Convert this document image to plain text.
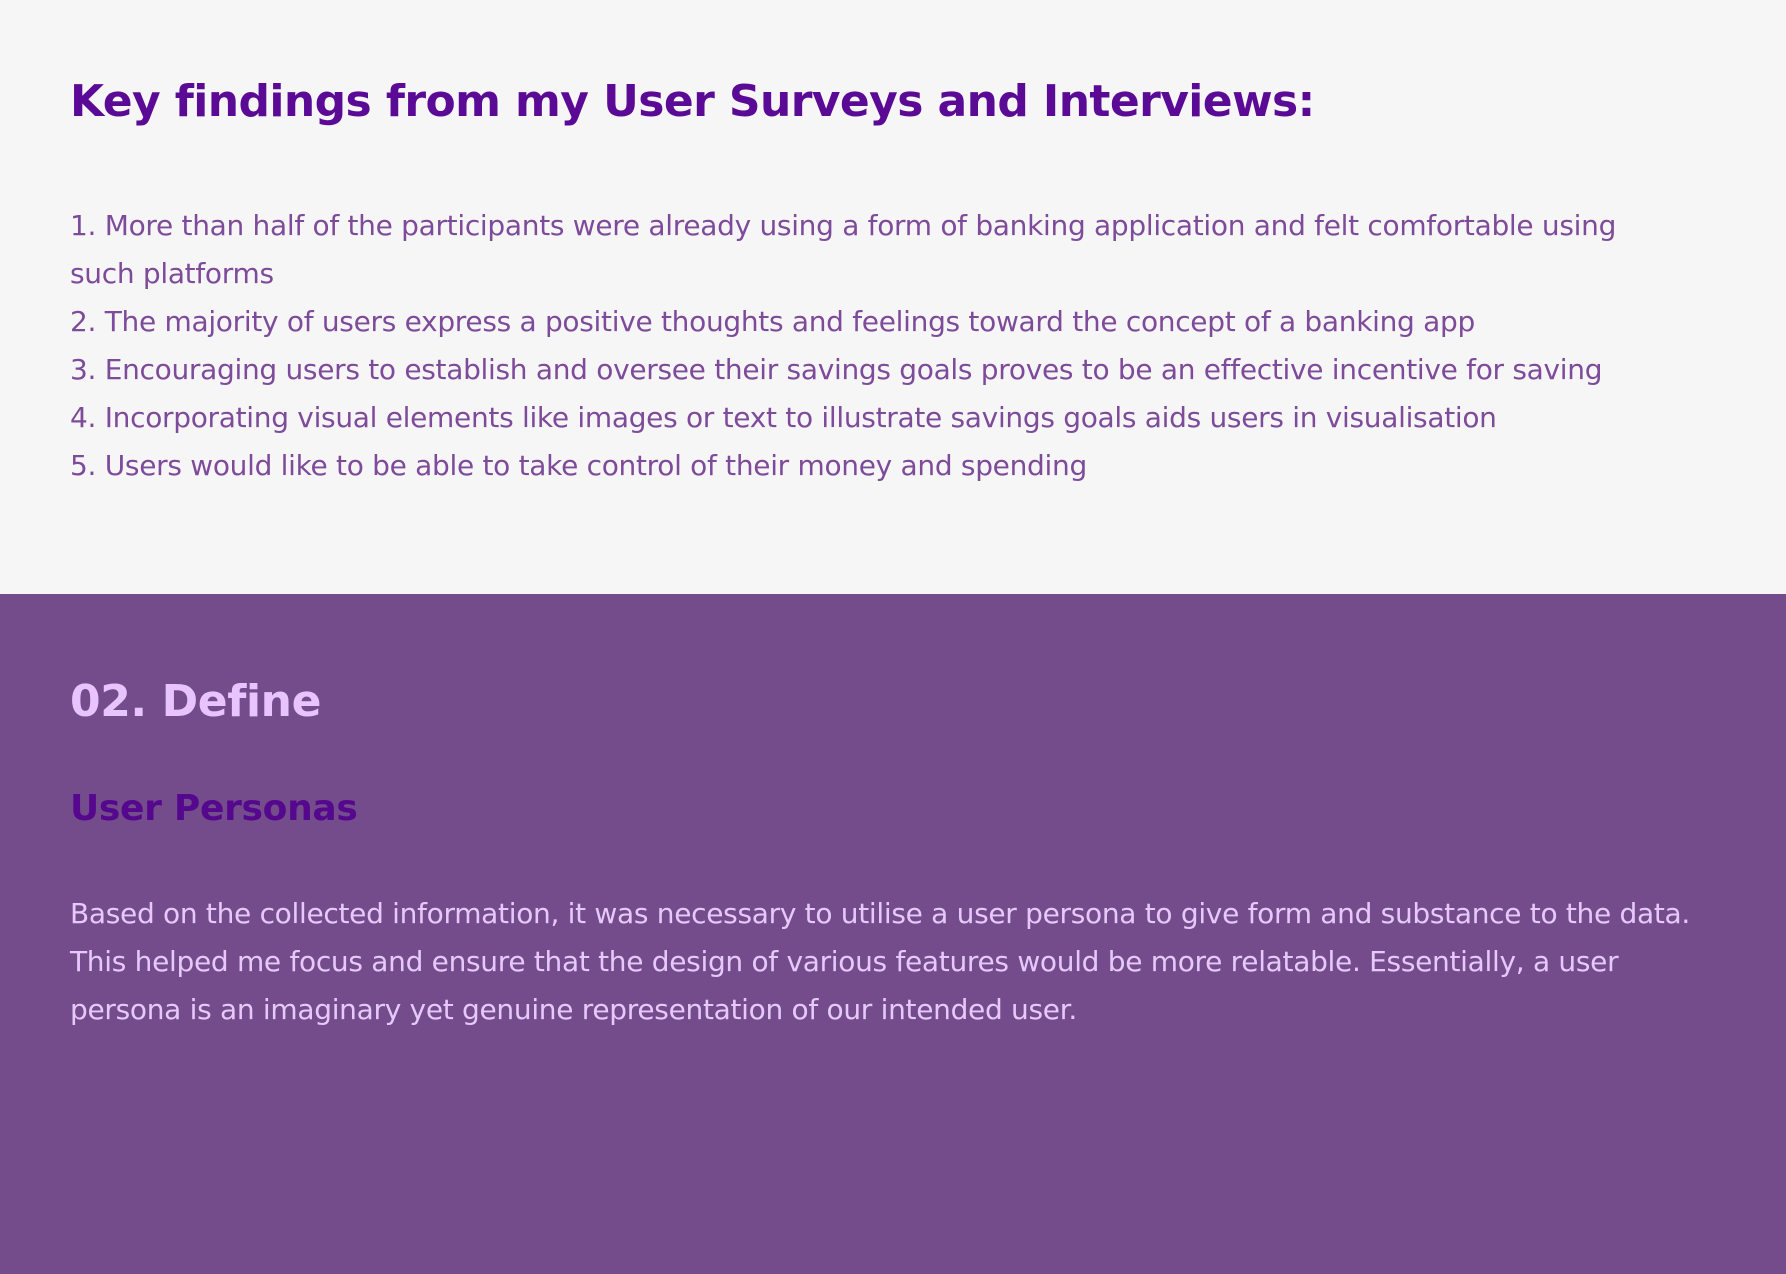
Key findings from my User Surveys and Interviews:
1. More than half of the participants were already using a form of banking application and felt comfortable using such platforms
2. The majority of users express a positive thoughts and feelings toward the concept of a banking app
3. Encouraging users to establish and oversee their savings goals proves to be an effective incentive for saving
4. Incorporating visual elements like images or text to illustrate savings goals aids users in visualisation
5. Users would like to be able to take control of their money and spending
02. Define
User Personas

Based on the collected information, it was necessary to utilise a user persona to give form and substance to the data. This helped me focus and ensure that the design of various features would be more relatable. Essentially, a user persona is an imaginary yet genuine representation of our intended user.
